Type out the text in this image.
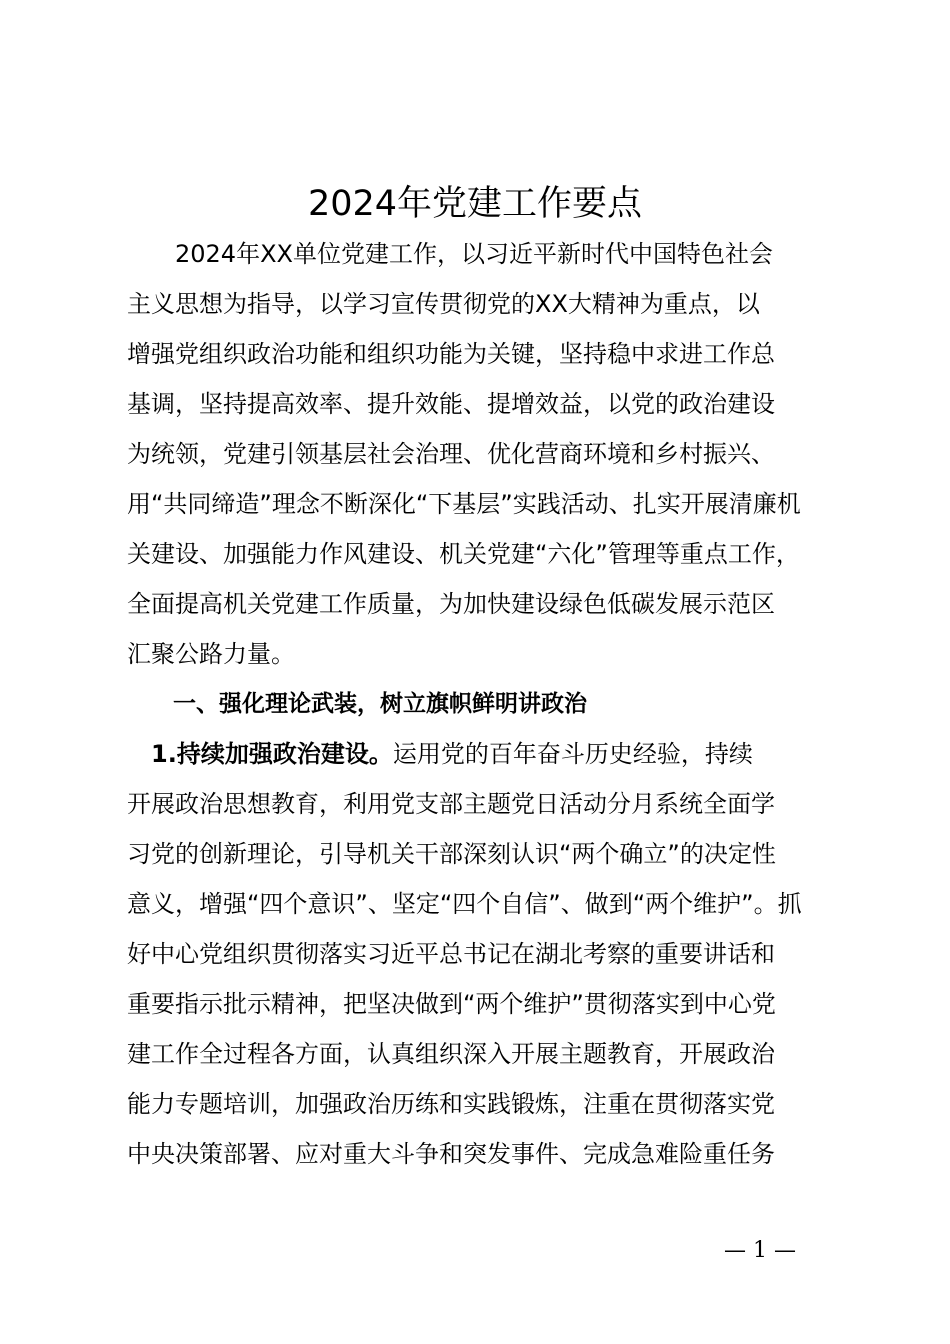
2024年党建工作要点

　　2024年XX单位党建工作，以习近平新时代中国特色社会

主义思想为指导，以学习宣传贯彻党的XX大精神为重点，以

增强党组织政治功能和组织功能为关键，坚持稳中求进工作总

基调，坚持提高效率、提升效能、提增效益，以党的政治建设

为统领，党建引领基层社会治理、优化营商环境和乡村振兴、

用“共同缔造”理念不断深化“下基层”实践活动、扎实开展清廉机

关建设、加强能力作风建设、机关党建“六化”管理等重点工作，

全面提高机关党建工作质量，为加快建设绿色低碳发展示范区

汇聚公路力量。

　　一、强化理论武装，树立旗帜鲜明讲政治

　1.持续加强政治建设。运用党的百年奋斗历史经验，持续

开展政治思想教育，利用党支部主题党日活动分月系统全面学

习党的创新理论，引导机关干部深刻认识“两个确立”的决定性

意义，增强“四个意识”、坚定“四个自信”、做到“两个维护”。抓

好中心党组织贯彻落实习近平总书记在湖北考察的重要讲话和

重要指示批示精神，把坚决做到“两个维护”贯彻落实到中心党

建工作全过程各方面，认真组织深入开展主题教育，开展政治

能力专题培训，加强政治历练和实践锻炼，注重在贯彻落实党

中央决策部署、应对重大斗争和突发事件、完成急难险重任务

— 1 —
